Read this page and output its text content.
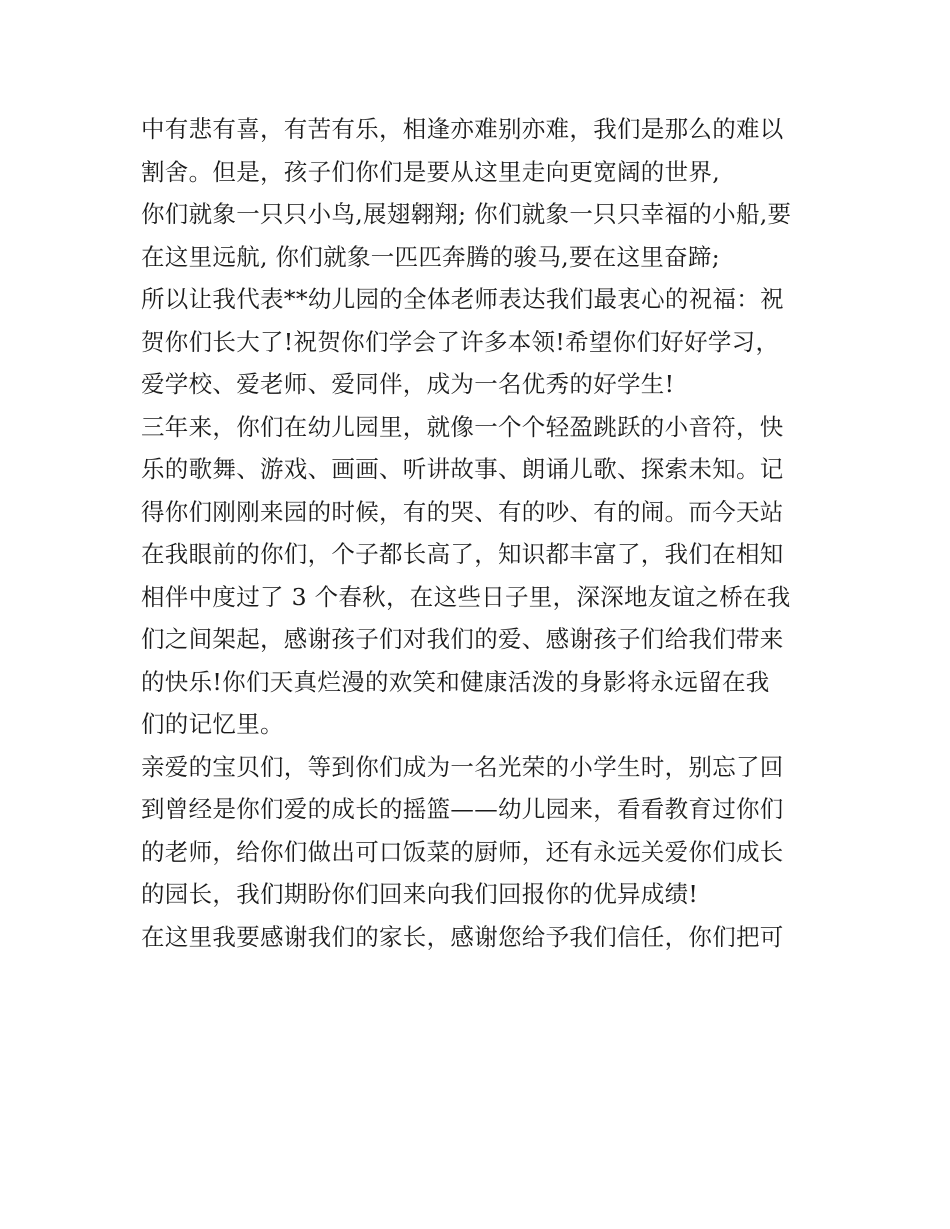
中有悲有喜，有苦有乐，相逢亦难别亦难，我们是那么的难以
割舍。但是，孩子们你们是要从这里走向更宽阔的世界,
你们就象一只只小鸟,展翅翱翔; 你们就象一只只幸福的小船,要
在这里远航, 你们就象一匹匹奔腾的骏马,要在这里奋蹄;
所以让我代表**幼儿园的全体老师表达我们最衷心的祝福：祝
贺你们长大了!祝贺你们学会了许多本领!希望你们好好学习，
爱学校、爱老师、爱同伴，成为一名优秀的好学生!
三年来，你们在幼儿园里，就像一个个轻盈跳跃的小音符，快
乐的歌舞、游戏、画画、听讲故事、朗诵儿歌、探索未知。记
得你们刚刚来园的时候，有的哭、有的吵、有的闹。而今天站
在我眼前的你们，个子都长高了，知识都丰富了，我们在相知
相伴中度过了 3 个春秋，在这些日子里，深深地友谊之桥在我
们之间架起，感谢孩子们对我们的爱、感谢孩子们给我们带来
的快乐!你们天真烂漫的欢笑和健康活泼的身影将永远留在我
们的记忆里。
亲爱的宝贝们，等到你们成为一名光荣的小学生时，别忘了回
到曾经是你们爱的成长的摇篮——幼儿园来，看看教育过你们
的老师，给你们做出可口饭菜的厨师，还有永远关爱你们成长
的园长，我们期盼你们回来向我们回报你的优异成绩!
在这里我要感谢我们的家长，感谢您给予我们信任，你们把可
